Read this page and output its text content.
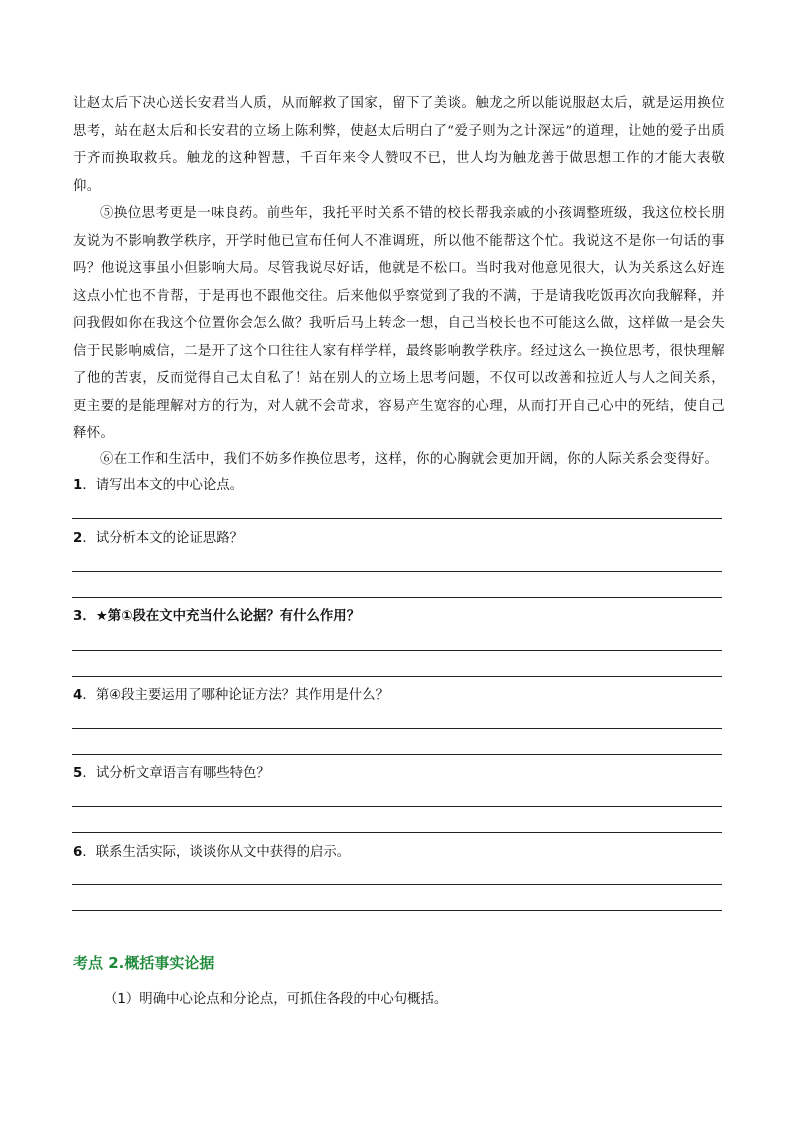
让赵太后下决心送长安君当人质，从而解救了国家，留下了美谈。触龙之所以能说服赵太后，就是运用换位思考，站在赵太后和长安君的立场上陈利弊，使赵太后明白了“爱子则为之计深远”的道理，让她的爱子出质于齐而换取救兵。触龙的这种智慧，千百年来令人赞叹不已，世人均为触龙善于做思想工作的才能大表敬仰。
⑤换位思考更是一味良药。前些年，我托平时关系不错的校长帮我亲戚的小孩调整班级，我这位校长朋友说为不影响教学秩序，开学时他已宣布任何人不准调班，所以他不能帮这个忙。我说这不是你一句话的事吗？他说这事虽小但影响大局。尽管我说尽好话，他就是不松口。当时我对他意见很大，认为关系这么好连这点小忙也不肯帮，于是再也不跟他交往。后来他似乎察觉到了我的不满，于是请我吃饭再次向我解释，并问我假如你在我这个位置你会怎么做？我听后马上转念一想，自己当校长也不可能这么做，这样做一是会失信于民影响威信，二是开了这个口往往人家有样学样，最终影响教学秩序。经过这么一换位思考，很快理解了他的苦衷，反而觉得自己太自私了！站在别人的立场上思考问题，不仅可以改善和拉近人与人之间关系，更主要的是能理解对方的行为，对人就不会苛求，容易产生宽容的心理，从而打开自己心中的死结，使自己释怀。
⑥在工作和生活中，我们不妨多作换位思考，这样，你的心胸就会更加开阔，你的人际关系会变得好。
1．请写出本文的中心论点。
2．试分析本文的论证思路？
3．★第①段在文中充当什么论据？有什么作用？
4．第④段主要运用了哪种论证方法？其作用是什么？
5．试分析文章语言有哪些特色？
6．联系生活实际，谈谈你从文中获得的启示。
考点 2.概括事实论据
（1）明确中心论点和分论点，可抓住各段的中心句概括。
